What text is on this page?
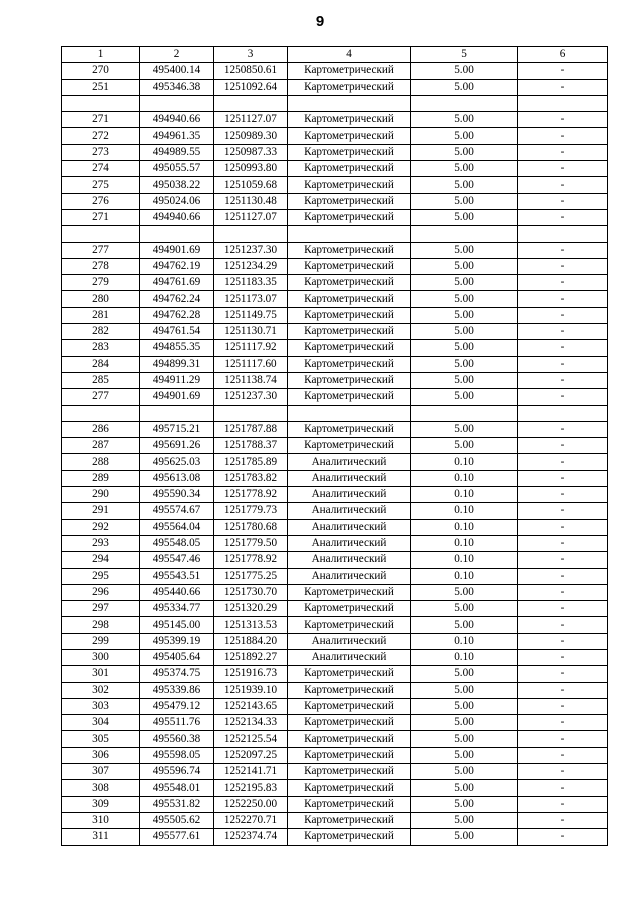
9
1	2	3	4	5	6
270	495400.14	1250850.61	Картометрический	5.00	-
251	495346.38	1251092.64	Картометрический	5.00	-

271	494940.66	1251127.07	Картометрический	5.00	-
272	494961.35	1250989.30	Картометрический	5.00	-
273	494989.55	1250987.33	Картометрический	5.00	-
274	495055.57	1250993.80	Картометрический	5.00	-
275	495038.22	1251059.68	Картометрический	5.00	-
276	495024.06	1251130.48	Картометрический	5.00	-
271	494940.66	1251127.07	Картометрический	5.00	-

277	494901.69	1251237.30	Картометрический	5.00	-
278	494762.19	1251234.29	Картометрический	5.00	-
279	494761.69	1251183.35	Картометрический	5.00	-
280	494762.24	1251173.07	Картометрический	5.00	-
281	494762.28	1251149.75	Картометрический	5.00	-
282	494761.54	1251130.71	Картометрический	5.00	-
283	494855.35	1251117.92	Картометрический	5.00	-
284	494899.31	1251117.60	Картометрический	5.00	-
285	494911.29	1251138.74	Картометрический	5.00	-
277	494901.69	1251237.30	Картометрический	5.00	-

286	495715.21	1251787.88	Картометрический	5.00	-
287	495691.26	1251788.37	Картометрический	5.00	-
288	495625.03	1251785.89	Аналитический	0.10	-
289	495613.08	1251783.82	Аналитический	0.10	-
290	495590.34	1251778.92	Аналитический	0.10	-
291	495574.67	1251779.73	Аналитический	0.10	-
292	495564.04	1251780.68	Аналитический	0.10	-
293	495548.05	1251779.50	Аналитический	0.10	-
294	495547.46	1251778.92	Аналитический	0.10	-
295	495543.51	1251775.25	Аналитический	0.10	-
296	495440.66	1251730.70	Картометрический	5.00	-
297	495334.77	1251320.29	Картометрический	5.00	-
298	495145.00	1251313.53	Картометрический	5.00	-
299	495399.19	1251884.20	Аналитический	0.10	-
300	495405.64	1251892.27	Аналитический	0.10	-
301	495374.75	1251916.73	Картометрический	5.00	-
302	495339.86	1251939.10	Картометрический	5.00	-
303	495479.12	1252143.65	Картометрический	5.00	-
304	495511.76	1252134.33	Картометрический	5.00	-
305	495560.38	1252125.54	Картометрический	5.00	-
306	495598.05	1252097.25	Картометрический	5.00	-
307	495596.74	1252141.71	Картометрический	5.00	-
308	495548.01	1252195.83	Картометрический	5.00	-
309	495531.82	1252250.00	Картометрический	5.00	-
310	495505.62	1252270.71	Картометрический	5.00	-
311	495577.61	1252374.74	Картометрический	5.00	-
